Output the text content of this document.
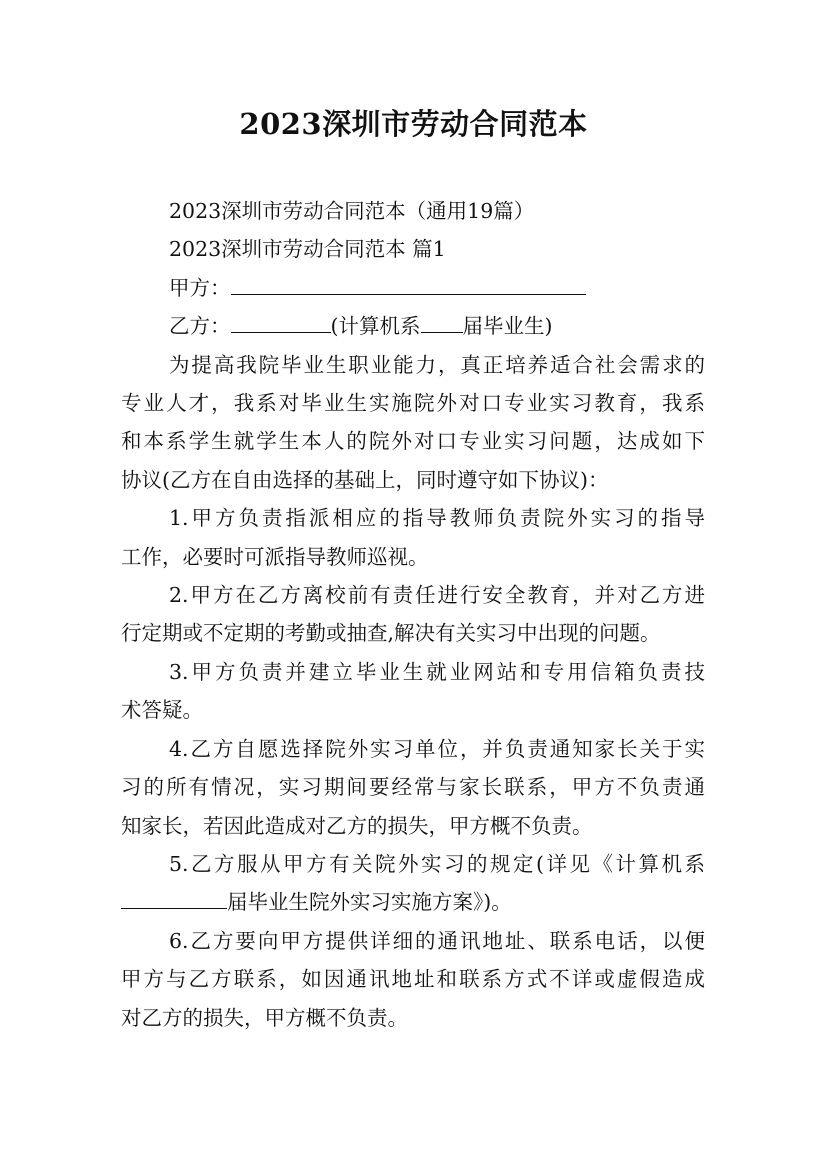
2023深圳市劳动合同范本
2023深圳市劳动合同范本（通用19篇）
2023深圳市劳动合同范本 篇1
甲方：
乙方：	(计算机系 届毕业生)
为提高我院毕业生职业能力，真正培养适合社会需求的
专业人才，我系对毕业生实施院外对口专业实习教育，我系
和本系学生就学生本人的院外对口专业实习问题，达成如下
协议(乙方在自由选择的基础上，同时遵守如下协议)：
1.甲方负责指派相应的指导教师负责院外实习的指导
工作，必要时可派指导教师巡视。
2.甲方在乙方离校前有责任进行安全教育，并对乙方进
行定期或不定期的考勤或抽查,解决有关实习中出现的问题。
3.甲方负责并建立毕业生就业网站和专用信箱负责技
术答疑。
4.乙方自愿选择院外实习单位，并负责通知家长关于实
习的所有情况，实习期间要经常与家长联系，甲方不负责通
知家长，若因此造成对乙方的损失，甲方概不负责。
5.乙方服从甲方有关院外实习的规定(详见《计算机系
届毕业生院外实习实施方案》)。
6.乙方要向甲方提供详细的通讯地址、联系电话，以便
甲方与乙方联系，如因通讯地址和联系方式不详或虚假造成
对乙方的损失，甲方概不负责。
